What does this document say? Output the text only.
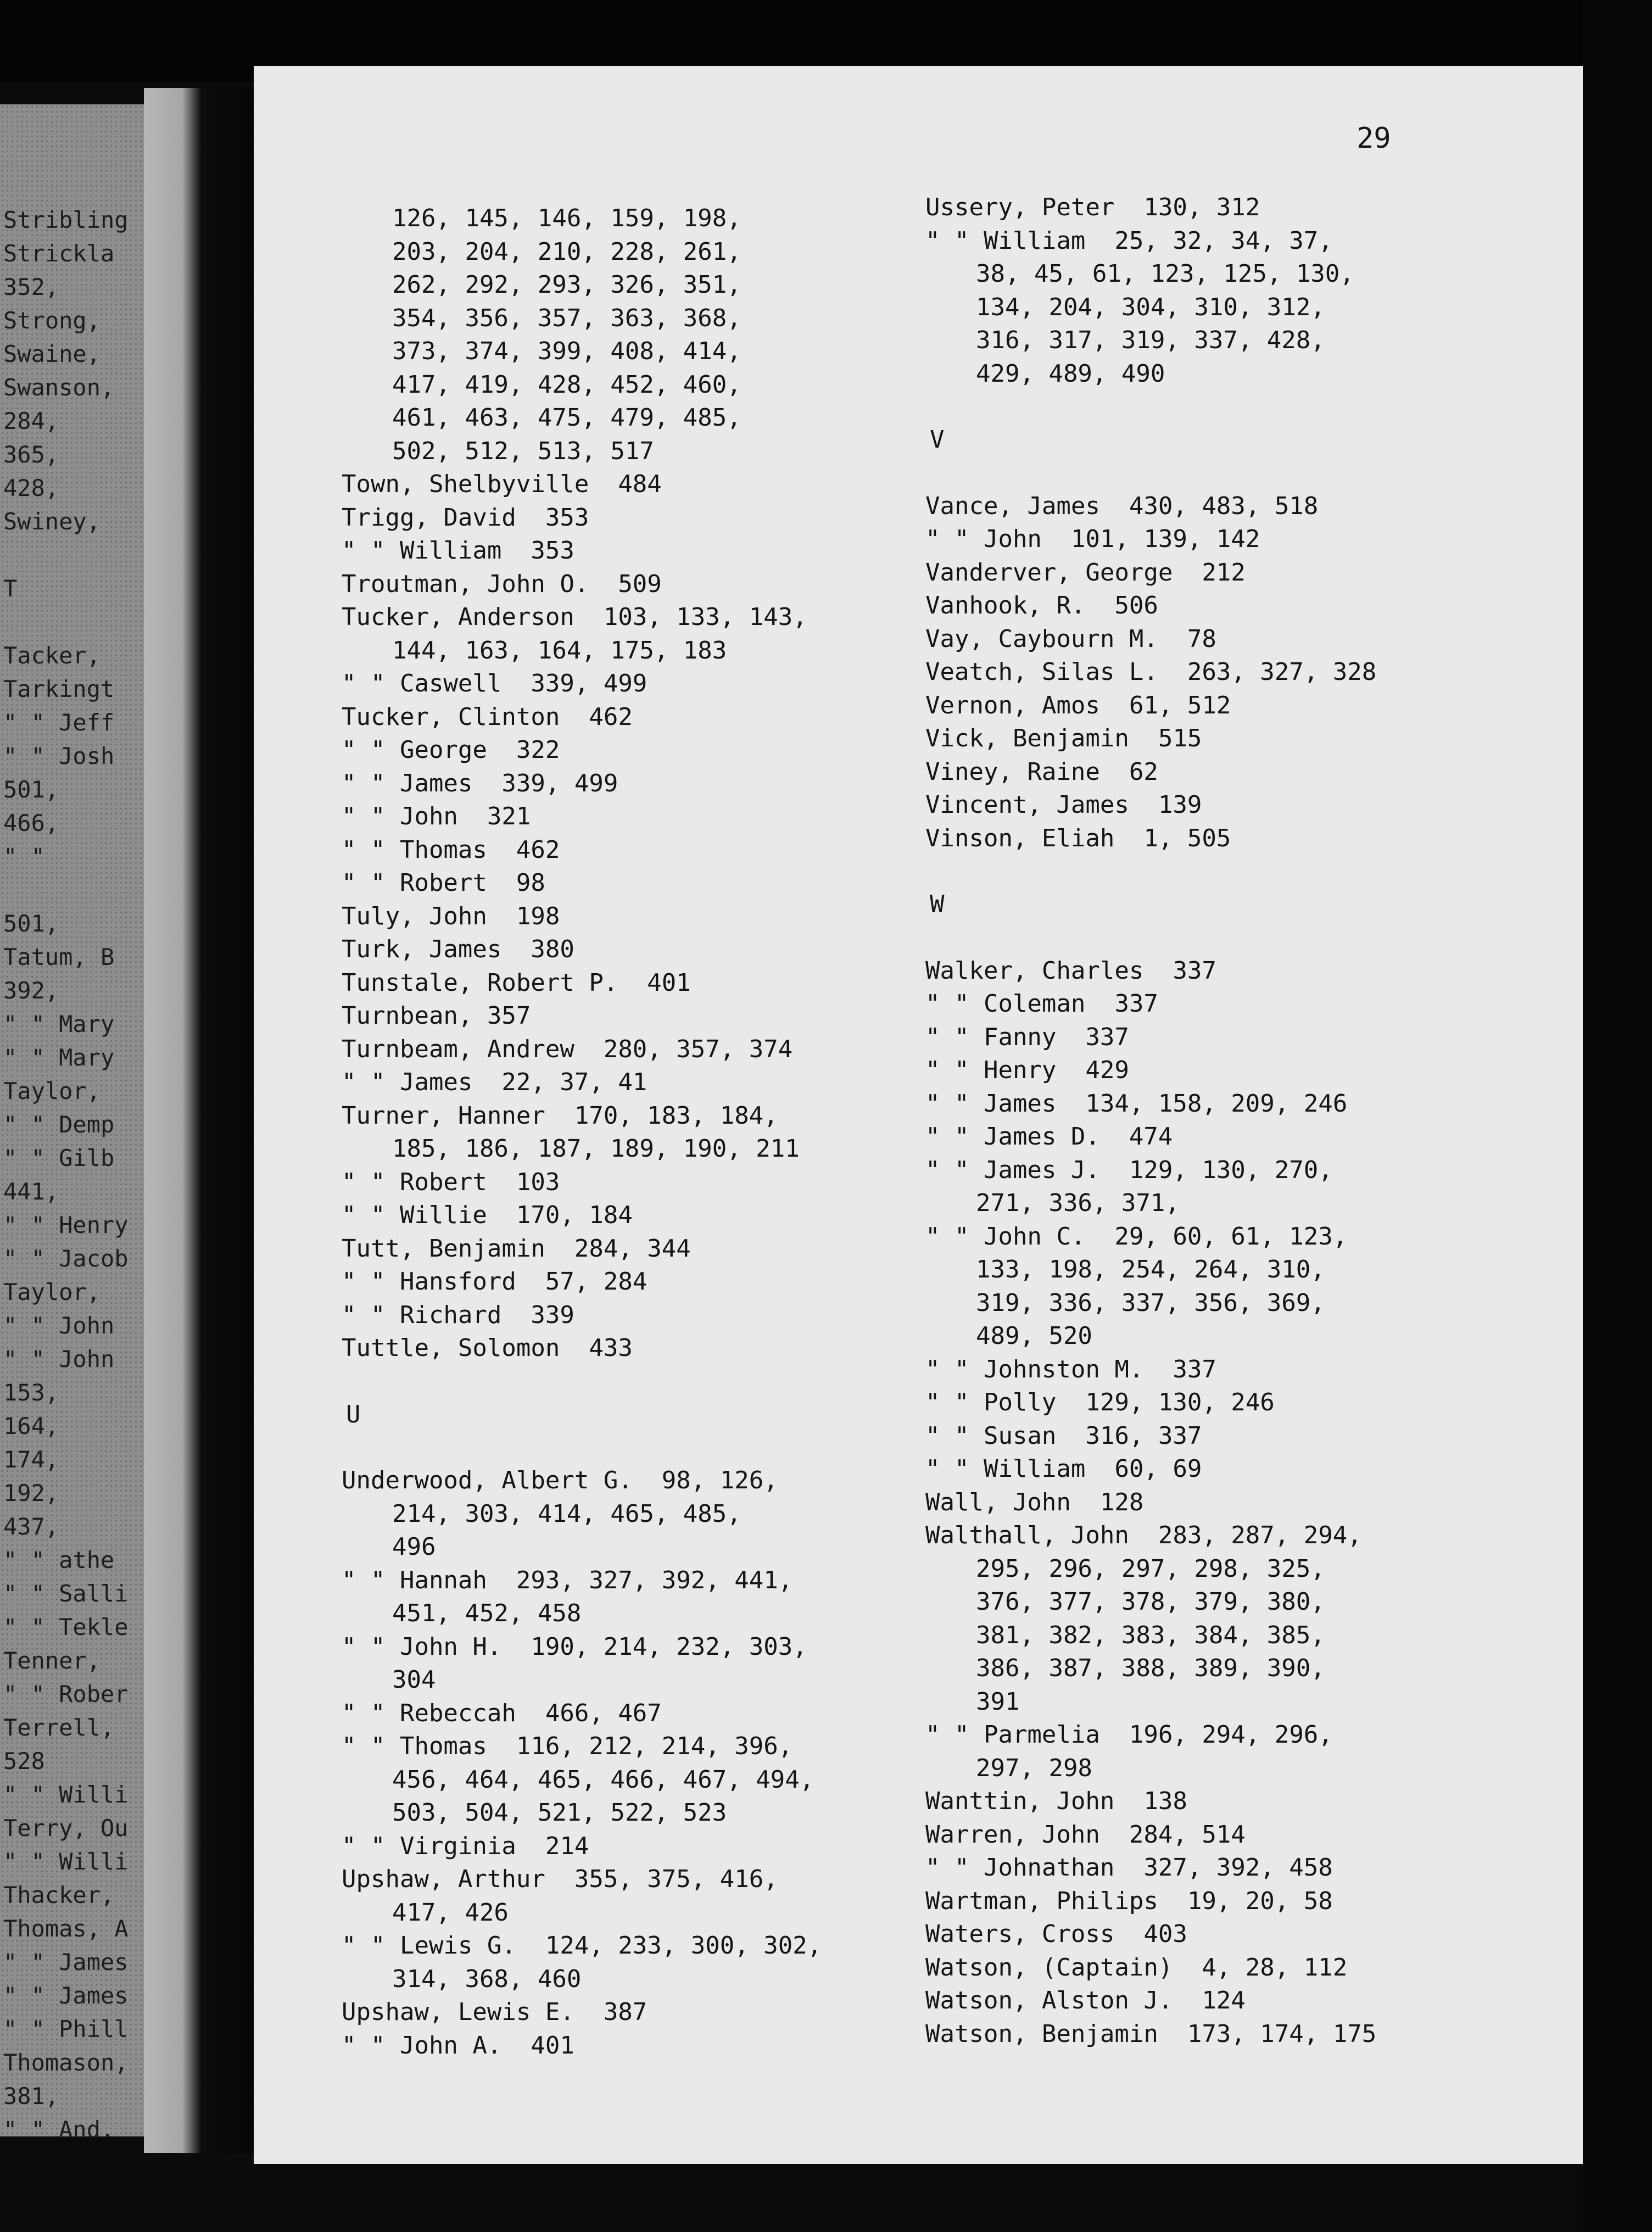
Stribling
Strickla
352,
Strong,
Swaine,
Swanson,
284,
365,
428,
Swiney,
T
Tacker,
Tarkingt
" " Jeff
" " Josh
501,
466,
" "
501,
Tatum, B
392,
" " Mary
" " Mary
Taylor,
" " Demp
" " Gilb
441,
" " Henry
" " Jacob
Taylor,
" " John
" " John
153,
164,
174,
192,
437,
" " athe
" " Salli
" " Tekle
Tenner,
" " Rober
Terrell,
528
" " Willi
Terry, Ou
" " Willi
Thacker,
Thomas, A
" " James
" " James
" " Phill
Thomason,
381,
" " And.
29
126, 145, 146, 159, 198,
203, 204, 210, 228, 261,
262, 292, 293, 326, 351,
354, 356, 357, 363, 368,
373, 374, 399, 408, 414,
417, 419, 428, 452, 460,
461, 463, 475, 479, 485,
502, 512, 513, 517
Town, Shelbyville  484
Trigg, David  353
" " William  353
Troutman, John O.  509
Tucker, Anderson  103, 133, 143,
144, 163, 164, 175, 183
" " Caswell  339, 499
Tucker, Clinton  462
" " George  322
" " James  339, 499
" " John  321
" " Thomas  462
" " Robert  98
Tuly, John  198
Turk, James  380
Tunstale, Robert P.  401
Turnbean, 357
Turnbeam, Andrew  280, 357, 374
" " James  22, 37, 41
Turner, Hanner  170, 183, 184,
185, 186, 187, 189, 190, 211
" " Robert  103
" " Willie  170, 184
Tutt, Benjamin  284, 344
" " Hansford  57, 284
" " Richard  339
Tuttle, Solomon  433
U
Underwood, Albert G.  98, 126,
214, 303, 414, 465, 485,
496
" " Hannah  293, 327, 392, 441,
451, 452, 458
" " John H.  190, 214, 232, 303,
304
" " Rebeccah  466, 467
" " Thomas  116, 212, 214, 396,
456, 464, 465, 466, 467, 494,
503, 504, 521, 522, 523
" " Virginia  214
Upshaw, Arthur  355, 375, 416,
417, 426
" " Lewis G.  124, 233, 300, 302,
314, 368, 460
Upshaw, Lewis E.  387
" " John A.  401
Ussery, Peter  130, 312
" " William  25, 32, 34, 37,
38, 45, 61, 123, 125, 130,
134, 204, 304, 310, 312,
316, 317, 319, 337, 428,
429, 489, 490
V
Vance, James  430, 483, 518
" " John  101, 139, 142
Vanderver, George  212
Vanhook, R.  506
Vay, Caybourn M.  78
Veatch, Silas L.  263, 327, 328
Vernon, Amos  61, 512
Vick, Benjamin  515
Viney, Raine  62
Vincent, James  139
Vinson, Eliah  1, 505
W
Walker, Charles  337
" " Coleman  337
" " Fanny  337
" " Henry  429
" " James  134, 158, 209, 246
" " James D.  474
" " James J.  129, 130, 270,
271, 336, 371,
" " John C.  29, 60, 61, 123,
133, 198, 254, 264, 310,
319, 336, 337, 356, 369,
489, 520
" " Johnston M.  337
" " Polly  129, 130, 246
" " Susan  316, 337
" " William  60, 69
Wall, John  128
Walthall, John  283, 287, 294,
295, 296, 297, 298, 325,
376, 377, 378, 379, 380,
381, 382, 383, 384, 385,
386, 387, 388, 389, 390,
391
" " Parmelia  196, 294, 296,
297, 298
Wanttin, John  138
Warren, John  284, 514
" " Johnathan  327, 392, 458
Wartman, Philips  19, 20, 58
Waters, Cross  403
Watson, (Captain)  4, 28, 112
Watson, Alston J.  124
Watson, Benjamin  173, 174, 175
